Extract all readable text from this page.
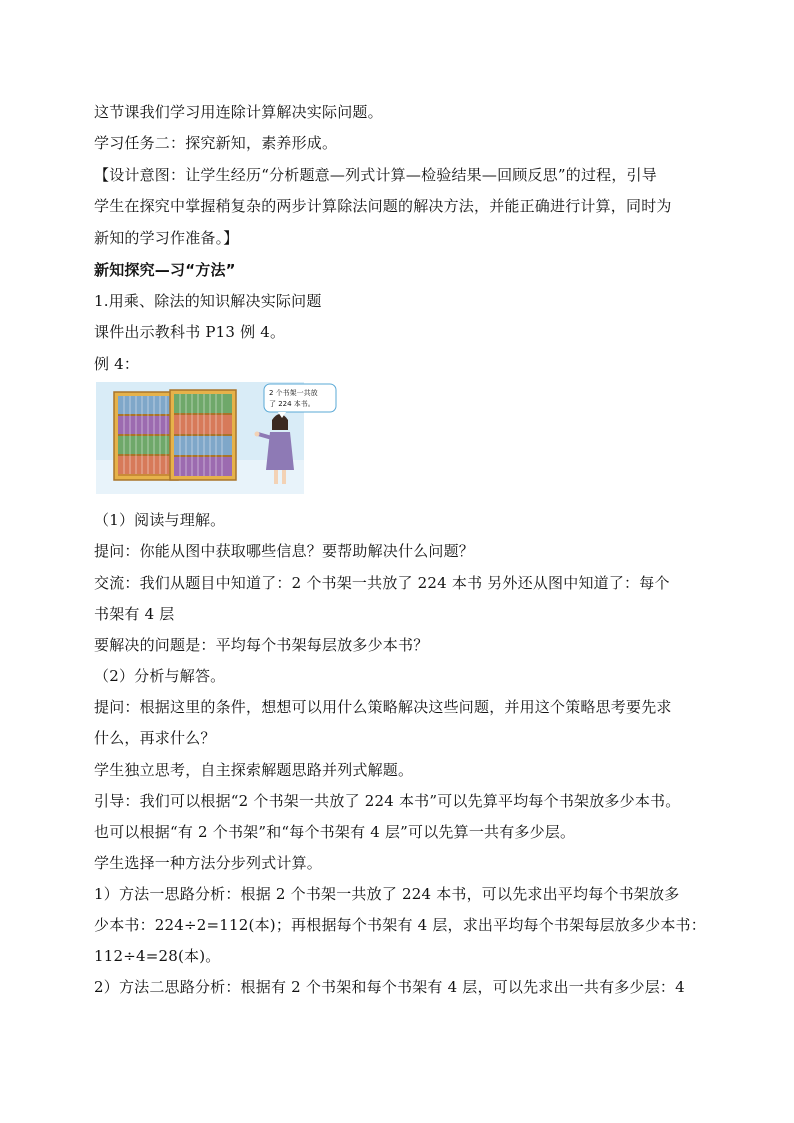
这节课我们学习用连除计算解决实际问题。
学习任务二：探究新知，素养形成。
【设计意图：让学生经历“分析题意—列式计算—检验结果—回顾反思”的过程，引导
学生在探究中掌握稍复杂的两步计算除法问题的解决方法，并能正确进行计算，同时为
新知的学习作准备。】
新知探究—习“方法”
1.用乘、除法的知识解决实际问题
课件出示教科书 P13 例 4。
例 4：
2 个书架一共放
了 224 本书。
（1）阅读与理解。
提问：你能从图中获取哪些信息？要帮助解决什么问题？
交流：我们从题目中知道了：2 个书架一共放了 224 本书 另外还从图中知道了：每个
书架有 4 层
要解决的问题是：平均每个书架每层放多少本书？
（2）分析与解答。
提问：根据这里的条件，想想可以用什么策略解决这些问题，并用这个策略思考要先求
什么，再求什么？
学生独立思考，自主探索解题思路并列式解题。
引导：我们可以根据“2 个书架一共放了 224 本书”可以先算平均每个书架放多少本书。
也可以根据“有 2 个书架”和“每个书架有 4 层”可以先算一共有多少层。
学生选择一种方法分步列式计算。
1）方法一思路分析：根据 2 个书架一共放了 224 本书，可以先求出平均每个书架放多
少本书：224÷2=112(本)；再根据每个书架有 4 层，求出平均每个书架每层放多少本书：
112÷4=28(本)。
2）方法二思路分析：根据有 2 个书架和每个书架有 4 层，可以先求出一共有多少层：4
